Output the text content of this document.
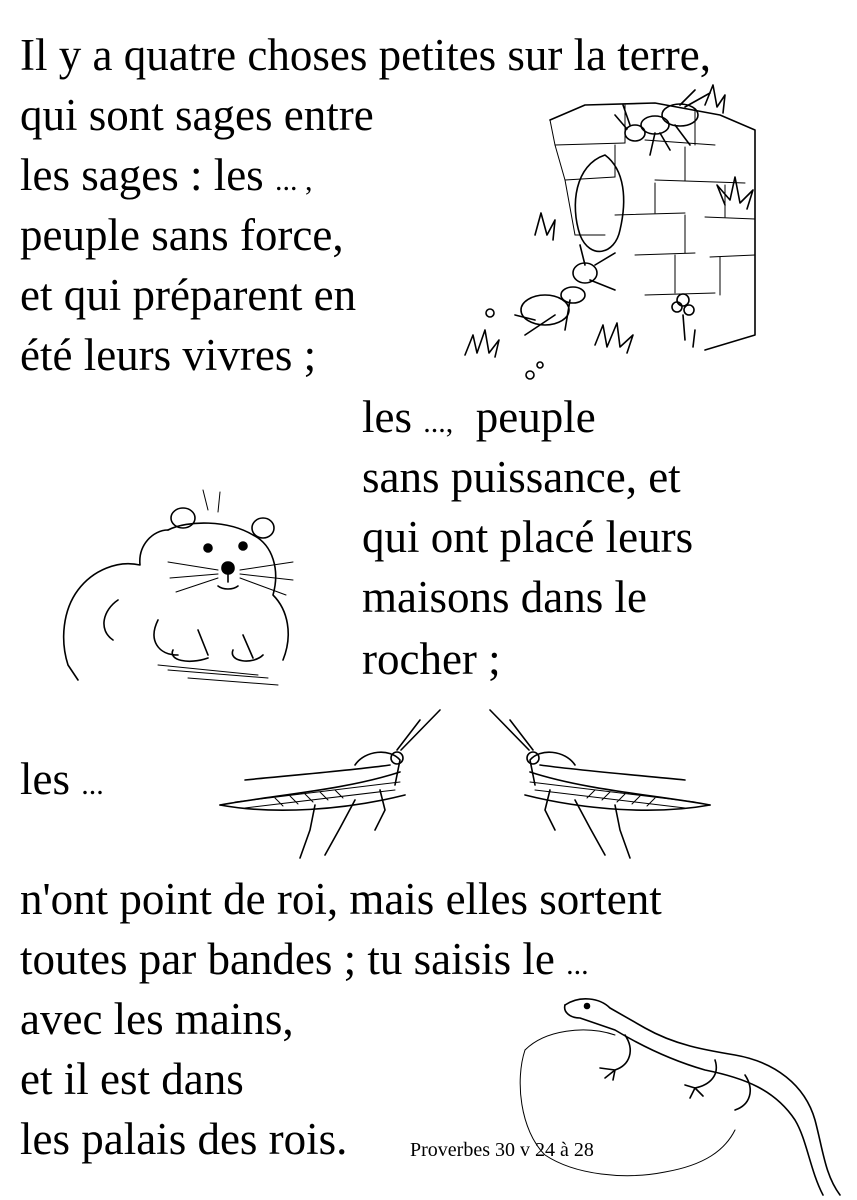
Il y a quatre choses petites sur la terre,
qui sont sages entre
les sages : les ... ,
peuple sans force,
et qui préparent en
été leurs vivres ;
les ..., peuple
sans puissance, et
qui ont placé leurs
maisons dans le
rocher ;
les ...
n'ont point de roi, mais elles sortent
toutes par bandes ; tu saisis le ...
avec les mains,
et il est dans
les palais des rois.	Proverbes 30 v 24 à 28
